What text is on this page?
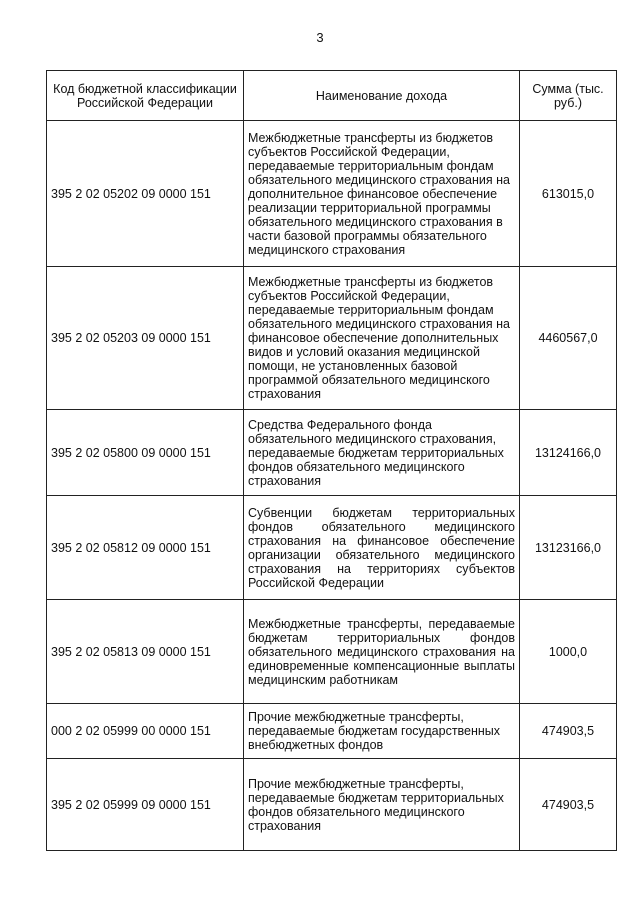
3
Код бюджетной классификации Российской Федерации	Наименование дохода	Сумма (тыс. руб.)
395 2 02 05202 09 0000 151	Межбюджетные трансферты из бюджетов субъектов Российской Федерации, передаваемые территориальным фондам обязательного медицинского страхования на дополнительное финансовое обеспечение реализации территориальной программы обязательного медицинского страхования в части базовой программы обязательного медицинского страхования	613015,0
395 2 02 05203 09 0000 151	Межбюджетные трансферты из бюджетов субъектов Российской Федерации, передаваемые территориальным фондам обязательного медицинского страхования на финансовое обеспечение дополнительных видов и условий оказания медицинской помощи, не установленных базовой программой обязательного медицинского страхования	4460567,0
395 2 02 05800 09 0000 151	Средства Федерального фонда обязательного медицинского страхования, передаваемые бюджетам территориальных фондов обязательного медицинского страхования	13124166,0
395 2 02 05812 09 0000 151	Субвенции бюджетам территориальных фондов обязательного медицинского страхования на финансовое обеспечение организации обязательного медицинского страхования на территориях субъектов Российской Федерации	13123166,0
395 2 02 05813 09 0000 151	Межбюджетные трансферты, передаваемые бюджетам территориальных фондов обязательного медицинского страхования на единовременные компенсационные выплаты медицинским работникам	1000,0
000 2 02 05999 00 0000 151	Прочие межбюджетные трансферты, передаваемые бюджетам государственных внебюджетных фондов	474903,5
395 2 02 05999 09 0000 151	Прочие межбюджетные трансферты, передаваемые бюджетам территориальных фондов обязательного медицинского страхования	474903,5
